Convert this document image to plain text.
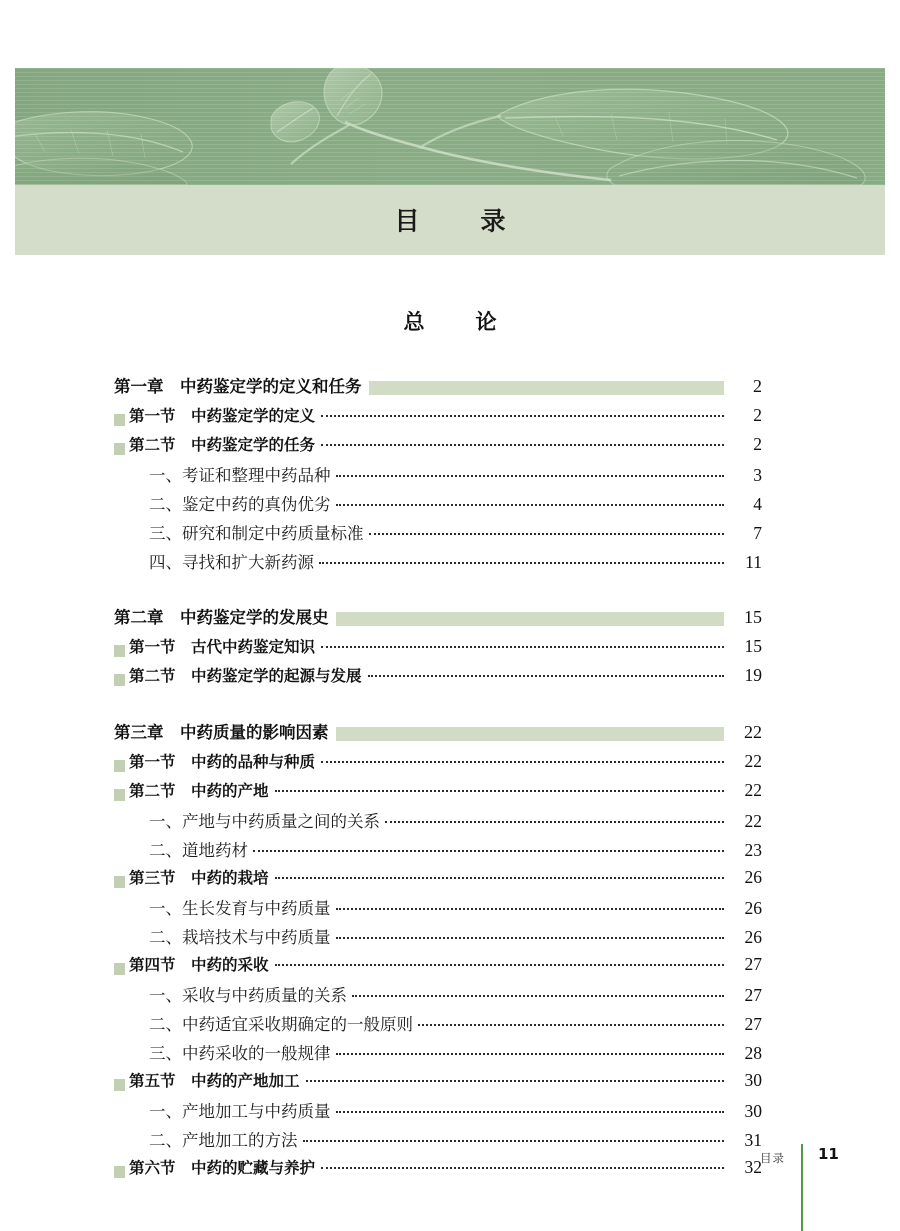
目　录
总　论
第一章　中药鉴定学的定义和任务	2
第一节　中药鉴定学的定义	2
第二节　中药鉴定学的任务	2
一、考证和整理中药品种	3
二、鉴定中药的真伪优劣	4
三、研究和制定中药质量标准	7
四、寻找和扩大新药源	11
第二章　中药鉴定学的发展史	15
第一节　古代中药鉴定知识	15
第二节　中药鉴定学的起源与发展	19
第三章　中药质量的影响因素	22
第一节　中药的品种与种质	22
第二节　中药的产地	22
一、产地与中药质量之间的关系	22
二、道地药材	23
第三节　中药的栽培	26
一、生长发育与中药质量	26
二、栽培技术与中药质量	26
第四节　中药的采收	27
一、采收与中药质量的关系	27
二、中药适宜采收期确定的一般原则	27
三、中药采收的一般规律	28
第五节　中药的产地加工	30
一、产地加工与中药质量	30
二、产地加工的方法	31
第六节　中药的贮藏与养护	32
目录 11
